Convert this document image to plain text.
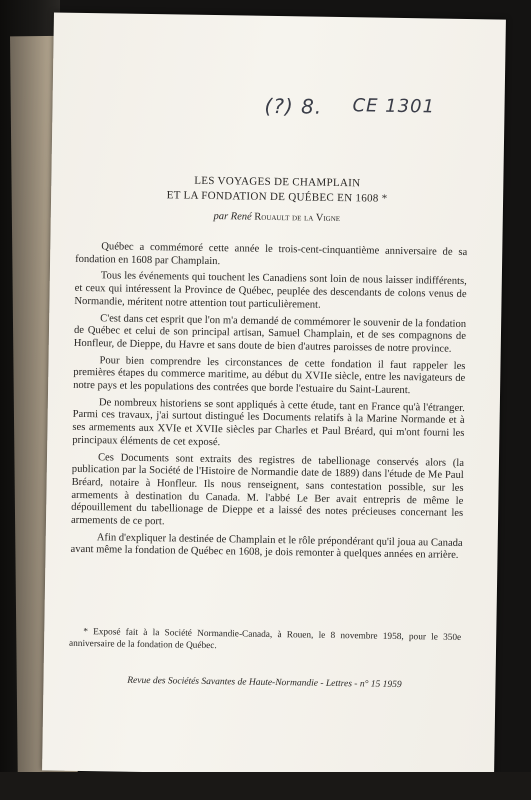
(?) 8. CE 1301
LES VOYAGES DE CHAMPLAIN
ET LA FONDATION DE QUÉBEC EN 1608 *
par René Rouault de la Vigne

Québec a commémoré cette année le trois-cent-cinquantième anniversaire de sa fondation en 1608 par Champlain.

Tous les événements qui touchent les Canadiens sont loin de nous laisser indifférents, et ceux qui intéressent la Province de Québec, peuplée des descendants de colons venus de Normandie, méritent notre attention tout particulièrement.

C'est dans cet esprit que l'on m'a demandé de commémorer le souvenir de la fondation de Québec et celui de son principal artisan, Samuel Champlain, et de ses compagnons de Honfleur, de Dieppe, du Havre et sans doute de bien d'autres paroisses de notre province.

Pour bien comprendre les circonstances de cette fondation il faut rappeler les premières étapes du commerce maritime, au début du XVIIe siècle, entre les navigateurs de notre pays et les populations des contrées que borde l'estuaire du Saint-Laurent.

De nombreux historiens se sont appliqués à cette étude, tant en France qu'à l'étranger. Parmi ces travaux, j'ai surtout distingué les Documents relatifs à la Marine Normande et à ses armements aux XVIe et XVIIe siècles par Charles et Paul Bréard, qui m'ont fourni les principaux éléments de cet exposé.

Ces Documents sont extraits des registres de tabellionage conservés alors (la publication par la Société de l'Histoire de Normandie date de 1889) dans l'étude de Me Paul Bréard, notaire à Honfleur. Ils nous renseignent, sans contestation possible, sur les armements à destination du Canada. M. l'abbé Le Ber avait entrepris de même le dépouillement du tabellionage de Dieppe et a laissé des notes précieuses concernant les armements de ce port.

Afin d'expliquer la destinée de Champlain et le rôle prépondérant qu'il joua au Canada avant même la fondation de Québec en 1608, je dois remonter à quelques années en arrière.

* Exposé fait à la Société Normandie-Canada, à Rouen, le 8 novembre 1958, pour le 350e anniversaire de la fondation de Québec.
Revue des Sociétés Savantes de Haute-Normandie - Lettres - n° 15 1959
